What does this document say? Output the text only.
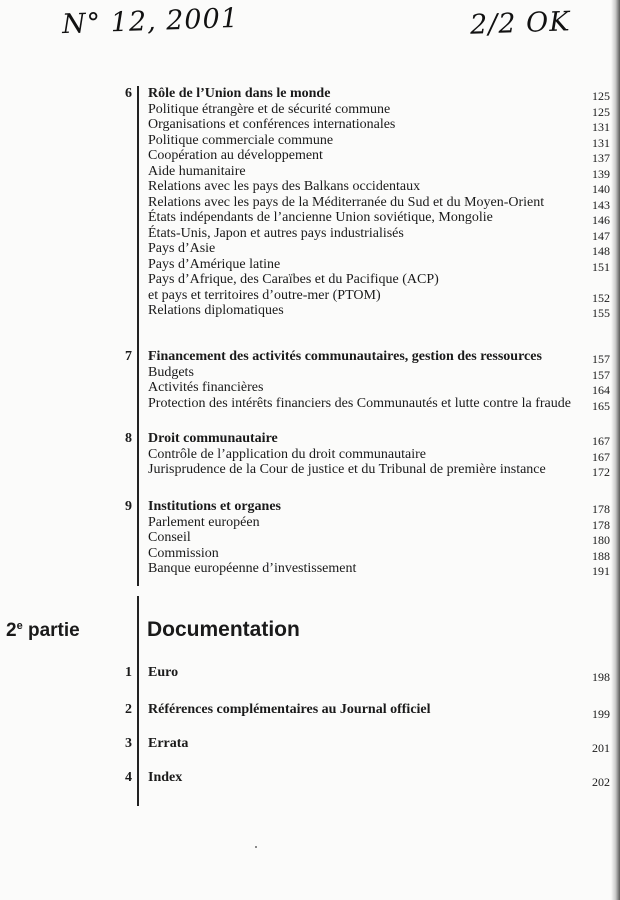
N° 12, 2001	2/2 OK
6 Rôle de l’Union dans le monde	125
Politique étrangère et de sécurité commune	125
Organisations et conférences internationales	131
Politique commerciale commune	131
Coopération au développement	137
Aide humanitaire	139
Relations avec les pays des Balkans occidentaux	140
Relations avec les pays de la Méditerranée du Sud et du Moyen-Orient	143
États indépendants de l’ancienne Union soviétique, Mongolie	146
États-Unis, Japon et autres pays industrialisés	147
Pays d’Asie	148
Pays d’Amérique latine	151
Pays d’Afrique, des Caraïbes et du Pacifique (ACP)
et pays et territoires d’outre-mer (PTOM)	152
Relations diplomatiques	155
7 Financement des activités communautaires, gestion des ressources	157
Budgets	157
Activités financières	164
Protection des intérêts financiers des Communautés et lutte contre la fraude	165
8 Droit communautaire	167
Contrôle de l’application du droit communautaire	167
Jurisprudence de la Cour de justice et du Tribunal de première instance	172
9 Institutions et organes	178
Parlement européen	178
Conseil	180
Commission	188
Banque européenne d’investissement	191
2e partie	Documentation
1 Euro	198
2 Références complémentaires au Journal officiel	199
3 Errata	201
4 Index	202
